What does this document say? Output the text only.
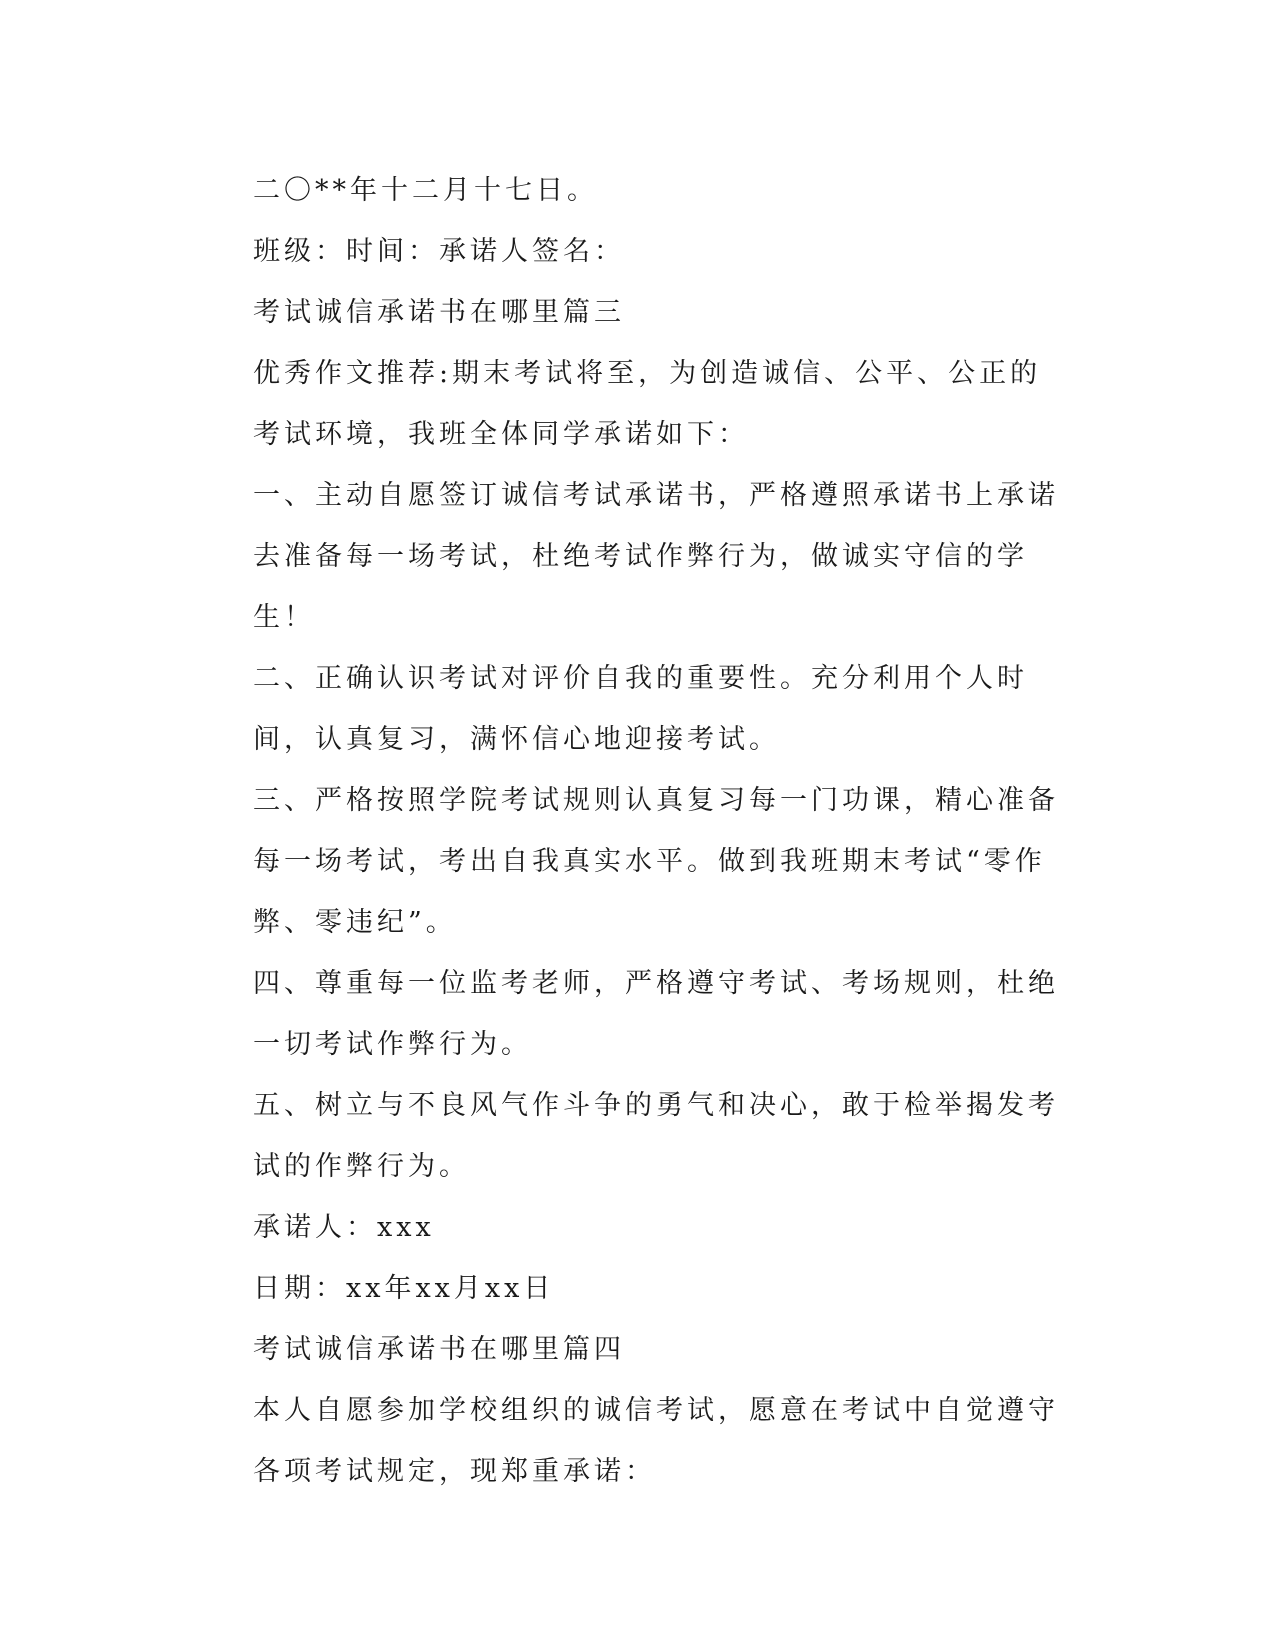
二〇**年十二月十七日。
班级：时间：承诺人签名：
考试诚信承诺书在哪里篇三
优秀作文推荐:期末考试将至，为创造诚信、公平、公正的考试环境，我班全体同学承诺如下：
一、主动自愿签订诚信考试承诺书，严格遵照承诺书上承诺去准备每一场考试，杜绝考试作弊行为，做诚实守信的学生！
二、正确认识考试对评价自我的重要性。充分利用个人时间，认真复习，满怀信心地迎接考试。
三、严格按照学院考试规则认真复习每一门功课，精心准备每一场考试，考出自我真实水平。做到我班期末考试“零作弊、零违纪”。
四、尊重每一位监考老师，严格遵守考试、考场规则，杜绝一切考试作弊行为。
五、树立与不良风气作斗争的勇气和决心，敢于检举揭发考试的作弊行为。
承诺人：xxx
日期：xx年xx月xx日
考试诚信承诺书在哪里篇四
本人自愿参加学校组织的诚信考试，愿意在考试中自觉遵守各项考试规定，现郑重承诺：
